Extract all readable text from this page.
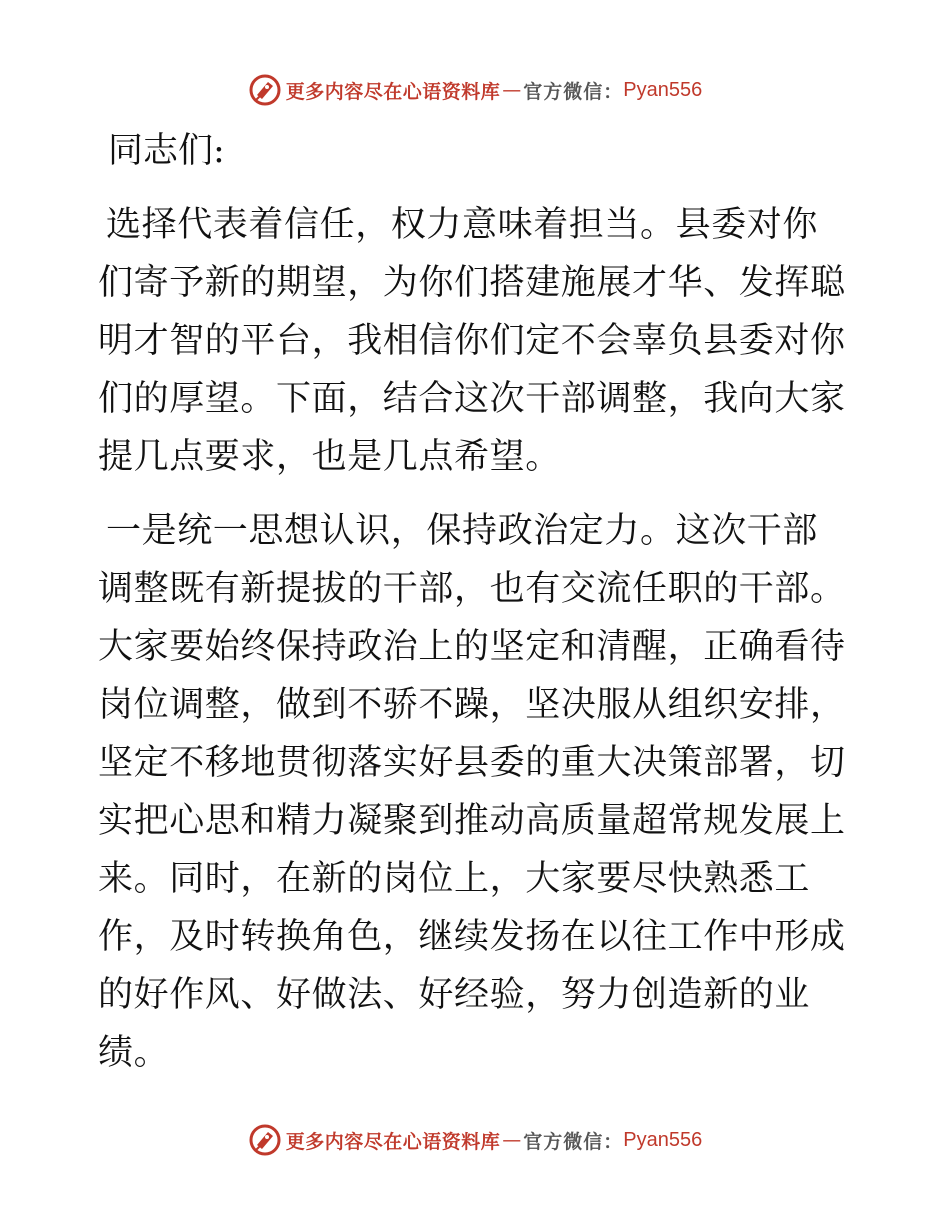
更多内容尽在心语资料库 — 官方微信： Pyan556
同志们:

选择代表着信任，权力意味着担当。县委对你们寄予新的期望，为你们搭建施展才华、发挥聪明才智的平台，我相信你们定不会辜负县委对你们的厚望。下面，结合这次干部调整，我向大家提几点要求，也是几点希望。

一是统一思想认识，保持政治定力。这次干部调整既有新提拔的干部，也有交流任职的干部。大家要始终保持政治上的坚定和清醒，正确看待岗位调整，做到不骄不躁，坚决服从组织安排，坚定不移地贯彻落实好县委的重大决策部署，切实把心思和精力凝聚到推动高质量超常规发展上来。同时，在新的岗位上，大家要尽快熟悉工作，及时转换角色，继续发扬在以往工作中形成的好作风、好做法、好经验，努力创造新的业绩。

更多内容尽在心语资料库 — 官方微信： Pyan556
